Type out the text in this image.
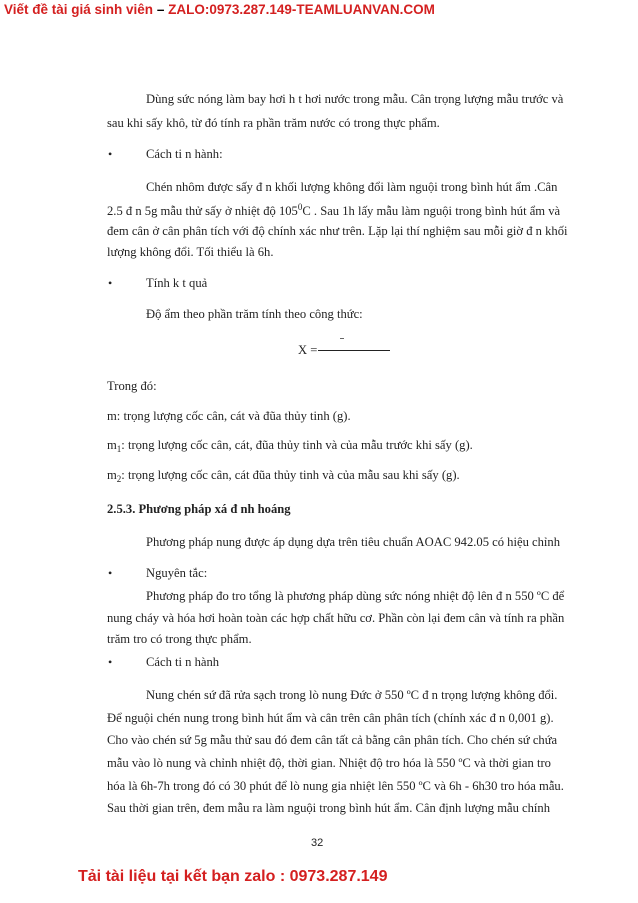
Viết đề tài giá sinh viên – ZALO:0973.287.149-TEAMLUANVAN.COM
Dùng sức nóng làm bay hơi h t hơi nước trong mẫu. Cân trọng lượng mẫu trước và
sau khi sấy khô, từ đó tính ra phần trăm nước có trong thực phẩm.
•	Cách ti n hành:
Chén nhôm được sấy đ n khối lượng không đổi làm nguội trong bình hút ẩm .Cân
2.5 đ n 5g mẫu thử sấy ở nhiệt độ $105^0C$ . Sau 1h lấy mẫu làm nguội trong bình hút ẩm và
đem cân ở cân phân tích với độ chính xác như trên. Lặp lại thí nghiệm sau mỗi giờ đ n khối
lượng không đổi. Tối thiểu là 6h.
•	Tính k t quả
Độ ẩm theo phần trăm tính theo công thức:
X =
Trong đó:
m: trọng lượng cốc cân, cát và đũa thủy tinh (g).
$m_1$: trọng lượng cốc cân, cát, đũa thủy tinh và của mẫu trước khi sấy (g).
$m_2$: trọng lượng cốc cân, cát đũa thủy tinh và của mẫu sau khi sấy (g).
2.5.3. Phương pháp xá đ nh hoáng
Phương pháp nung được áp dụng dựa trên tiêu chuẩn AOAC 942.05 có hiệu chỉnh
•	Nguyên tắc:
Phương pháp đo tro tổng là phương pháp dùng sức nóng nhiệt độ lên đ n 550 ºC để
nung cháy và hóa hơi hoàn toàn các hợp chất hữu cơ. Phần còn lại đem cân và tính ra phần
trăm tro có trong thực phẩm.
•	Cách ti n hành
Nung chén sứ đã rửa sạch trong lò nung Đức ở 550 ºC đ n trọng lượng không đổi.
Để nguội chén nung trong bình hút ẩm và cân trên cân phân tích (chính xác đ n 0,001 g).
Cho vào chén sứ 5g mẫu thử sau đó đem cân tất cả bằng cân phân tích. Cho chén sứ chứa
mẫu vào lò nung và chỉnh nhiệt độ, thời gian. Nhiệt độ tro hóa là 550 ºC và thời gian tro
hóa là 6h-7h trong đó có 30 phút để lò nung gia nhiệt lên 550 ºC và 6h - 6h30 tro hóa mẫu.
Sau thời gian trên, đem mẫu ra làm nguội trong bình hút ẩm. Cân định lượng mẫu chính
32
Tải tài liệu tại kết bạn zalo : 0973.287.149
